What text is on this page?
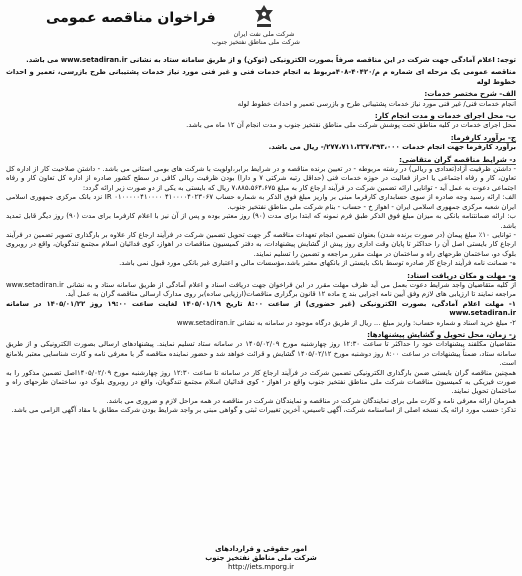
فراخوان مناقصه عمومی
شرکت ملی نفت ایران
شرکت ملی مناطق نفتخیز جنوب

توجه: اعلام آمادگی جهت شرکت در این مناقصه صرفاً بصورت الکترونیکی (توکن) و از طریق سامانه ستاد به نشانی www.setadiran.ir می باشد.

مناقصه عمومی یک مرحله ای شماره م م/۴۰۴۲۰-۴۰۸مربوط به انجام خدمات فنی و غیر فنی مورد نیاز خدمات پشتیبانی طرح بازرسی، تعمیر و احداث خطوط لوله

الف- شرح مختصر خدمات:

انجام خدمات فنی/ غیر فنی مورد نیاز خدمات پشتیبانی طرح و بازرسی تعمیر و احداث خطوط لوله

ب- محل اجرای خدمات و مدت انجام کار:

محل اجرای خدمات در کلیه مناطق تحت پوشش شرکت ملی مناطق نفتخیز جنوب و مدت انجام آن ۱۲ ماه می باشد.

ج- برآورد کارفرما:

برآورد کارفرما جهت انجام خدمات ۲۷۷،۷۱۱،۳۳۷،۳۹۳،۰۰۰/- ریال می باشد.

د- شرایط مناقصه گران متقاضی:

- داشتن ظرفیت آزاد(تعدادی و ریالی) در رشته مربوطه - در تعیین برنده مناقصه و در شرایط برابر،اولویت با شرکت های بومی استانی می باشد. - داشتن صلاحیت کار از اداره کل تعاون، کار و رفاه اجتماعی یا احراز فعالیت در حوزه خدمات فنی (حداقل رتبه شرکتی ۷ و دارا) بودن ظرفیت ریالی کافی در سطح کشور صادره از اداره کل تعاون کار و رفاه اجتماعی دعوت به عمل آید - توانایی ارائه تضمین شرکت در فرآیند ارجاع کار به مبلغ ۷،۸۸۵،۵۶۴،۶۷۵ ریال که بایستی به یکی از دو صورت زیر ارائه گردد:

الف: ارائه رسید وجه صادره از سوی حسابداری کارفرما مبنی بر واریز مبلغ فوق الذکر به شماره حساب ۴۱۰۰۰۰۴۰۲۳۰۶۷ IR ۰۱۰۰۰۰۰۴۱۰۰۰۰ نزد بانک مرکزی جمهوری اسلامی ایران شعبه مرکزی جمهوری اسلامی ایران - اهواز خ - حساب - بنام شرکت ملی مناطق نفتخیز جنوب.

ب: ارائه ضمانتنامه بانکی به میزان مبلغ فوق الذکر طبق فرم نمونه که ابتدا برای مدت (۹۰) روز معتبر بوده و پس از آن نیز با اعلام کارفرما برای مدت (۹۰) روز دیگر قابل تمدید باشد.

- توانایی ۱۰٪ مبلغ پیمان (در صورت برنده شدن) بعنوان تضمین انجام تعهدات مناقصه گر جهت تحویل تضمین شرکت در فرآیند ارجاع کار علاوه بر بارگذاری تصویر تضمین در فرآیند ارجاع کار بایستی اصل آن را حداکثر تا پایان وقت اداری روز پیش از گشایش پیشنهادات، به دفتر کمیسیون مناقصات در اهواز، کوی فدائیان اسلام مجتمع تندگویان، واقع در روبروی بلوک دو، ساختمان طرحهای راه و ساختمان در مهلت مقرر مراجعه و تضمین را تسلیم نمایند.

ه- ضمانت نامه فرآیند ارجاع کار صادره توسط بانک بایستی از بانکهای معتبر باشد،مؤسسات مالی و اعتباری غیر بانکی مورد قبول نمی باشد.

و- مهلت و مکان دریافت اسناد:

از کلیه متقاضیان واجد شرایط دعوت بعمل می آید ظرف مهلت مقرر در این فراخوان جهت دریافت اسناد و اعلام آمادگی از طریق سامانه ستاد و به نشانی www.setadiran.ir مراجعه نمایند تا ارزیابی های لازم وفق آیین نامه اجرایی بند ج ماده ۱۲ قانون برگزاری مناقصات(ارزیابی ساده)بر روی مدارک ارسالی مناقصه گران به عمل آید.

۱- مهلت اعلام آمادگی، بصورت الکترونیکی (غیر حضوری) از ساعت ۸:۰۰ تاریخ ۱۴۰۵/۰۱/۱۹ لغایت ساعت ۱۹:۰۰ روز ۱۴۰۵/۰۱/۲۲ در سامانه www.setadiran.ir

۲- مبلغ خرید اسناد و شماره حساب: واریز مبلغ ... ریال از طریق درگاه موجود در سامانه به نشانی www.setadiran.ir

ز- زمان، محل تحویل و گشایش پیشنهادها:

متقاضیان مکلفند پیشنهادات خود را حداکثر تا ساعت ۱۲:۳۰ روز چهارشنبه مورخ ۱۴۰۵/۰۲/۰۹ در سامانه ستاد تسلیم نمایند. پیشنهادهای ارسالی بصورت الکترونیکی و از طریق سامانه ستاد، ضمناً پیشنهادات در ساعت ۸:۰۰ روز دوشنبه مورخ ۱۴۰۵/۰۲/۱۲ گشایش و قرائت خواهد شد و حضور نماینده مناقصه گر با معرفی نامه و کارت شناسایی معتبر بلامانع است.

همچنین مناقصه گران بایستی ضمن بارگذاری الکترونیکی تضمین شرکت در فرآیند ارجاع کار در سامانه تا ساعت ۱۲:۳۰ روز چهارشنبه مورخ ۱۴۰۵/۰۲/۰۹اصل تضمین مذکور را به صورت فیزیکی به کمیسیون مناقصات شرکت ملی مناطق نفتخیز جنوب واقع در اهواز - کوی فدائیان اسلام مجتمع تندگویان، واقع در روبروی بلوک دو، ساختمان طرحهای راه و ساختمان تحویل نمایند.

همزمان ارائه معرفی نامه و کارت ملی برای نمایندگان شرکت در مناقصه و نمایندگان شرکت در مناقصه در همه مراحل لازم و ضروری می باشد.

تذکر: حسب مورد ارائه یک نسخه اصلی از اساسنامه شرکت، آگهی تاسیس، آخرین تغییرات ثبتی و گواهی مبنی بر واجد شرایط بودن شرکت مطابق با مقاد آگهی الزامی می باشد.

امور حقوقی و قراردادهای

شرکت ملی مناطق نفتخیز جنوب

http://iets.mporg.ir
